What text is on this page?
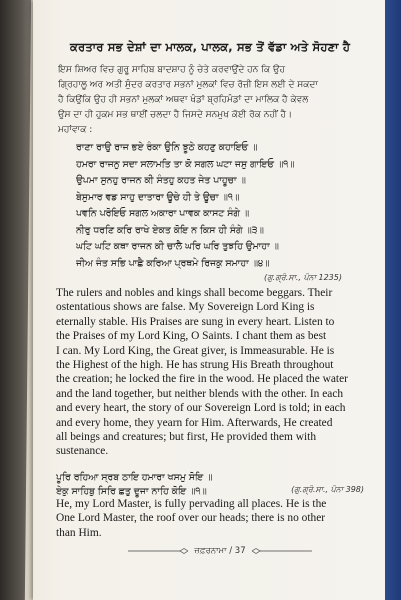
ਕਰਤਾਰ ਸਭ ਦੇਸ਼ਾਂ ਦਾ ਮਾਲਕ, ਪਾਲਕ, ਸਭ ਤੋਂ ਵੱਡਾ ਅਤੇ ਸੋਹਣਾ ਹੈ
ਇਸ ਸ਼ਿਅਰ ਵਿਚ ਗੁਰੂ ਸਾਹਿਬ ਬਾਦਸ਼ਾਹ ਨੂੰ ਚੇਤੇ ਕਰਵਾਉਂਦੇ ਹਨ ਕਿ ਉਹ
ਗ੍ਰਿਹਾਲੂ ਅਰ ਅਤੀ ਸੁੰਦਰ ਕਰਤਾਰ ਸਭਨਾਂ ਮੁਲਕਾਂ ਵਿਚ ਰੋਜ਼ੀ ਇਸ ਲਈ ਦੇ ਸਕਦਾ
ਹੈ ਕਿਉਂਕਿ ਉਹ ਹੀ ਸਭਨਾਂ ਮੁਲਕਾਂ ਅਥਵਾ ਖੰਡਾਂ ਬ੍ਰਹਿਮੰਡਾਂ ਦਾ ਮਾਲਿਕ ਹੈ ਕੇਵਲ
ਉਸ ਦਾ ਹੀ ਹੁਕਮ ਸਭ ਥਾਈਂ ਚਲਦਾ ਹੈ ਜਿਸਦੇ ਸਨਮੁਖ ਕੋਈ ਰੋਕ ਨਹੀਂ ਹੈ।
ਮਹਾਂਵਾਕ :
ਰਾਣਾ ਰਾਉ ਰਾਜ ਭਏ ਰੰਕਾ ਉਨਿ ਝੂਠੇ ਕਹਣੁ ਕਹਾਇਓ ॥
ਹਮਰਾ ਰਾਜਨੁ ਸਦਾ ਸਲਾਮਤਿ ਤਾ ਕੋ ਸਗਲ ਘਟਾ ਜਸੁ ਗਾਇਓ ॥੧॥
ਉਪਮਾ ਸੁਨਹੁ ਰਾਜਨ ਕੀ ਸੰਤਹੁ ਕਹਤ ਜੇਤ ਪਾਹੂਚਾ ॥
ਬੇਸੁਮਾਰ ਵਡ ਸਾਹੁ ਦਾਤਾਰਾ ਊਚੇ ਹੀ ਤੇ ਊਚਾ ॥੧॥
ਪਵਨਿ ਪਰੋਇਓ ਸਗਲ ਅਕਾਰਾ ਪਾਵਕ ਕਾਸਟ ਸੰਗੇ ॥
ਨੀਰੁ ਧਰਣਿ ਕਰਿ ਰਾਖੇ ਏਕਤ ਕੋਇ ਨ ਕਿਸ ਹੀ ਸੰਗੇ ॥੩॥
ਘਟਿ ਘਟਿ ਕਥਾ ਰਾਜਨ ਕੀ ਚਾਲੈ ਘਰਿ ਘਰਿ ਤੁਝਹਿ ਉਮਾਹਾ ॥
ਜੀਅ ਜੰਤ ਸਭਿ ਪਾਛੈ ਕਰਿਆ ਪ੍ਰਥਮੇ ਰਿਜਕੁ ਸਮਾਹਾ ॥੪॥
(ਗੁ.ਗ੍ਰੰ.ਸਾ., ਪੰਨਾ 1235)
The rulers and nobles and kings shall become beggars. Their
ostentatious shows are false. My Sovereign Lord King is
eternally stable. His Praises are sung in every heart. Listen to
the Praises of my Lord King, O Saints. I chant them as best
I can. My Lord King, the Great giver, is Immeasurable. He is
the Highest of the high. He has strung His Breath throughout
the creation; he locked the fire in the wood. He placed the water
and the land together, but neither blends with the other. In each
and every heart, the story of our Sovereign Lord is told; in each
and every home, they yearn for Him. Afterwards, He created
all beings and creatures; but first, He provided them with
sustenance.
ਪੂਰਿ ਰਹਿਆ ਸ੍ਰਬ ਠਾਇ ਹਮਾਰਾ ਖਸਮੁ ਸੋਇ ॥
ਏਕੁ ਸਾਹਿਬੁ ਸਿਰਿ ਛਤੁ ਦੂਜਾ ਨਾਹਿ ਕੋਇ ॥੧॥	(ਗੁ.ਗ੍ਰੰ.ਸਾ., ਪੰਨਾ 398)
He, my Lord Master, is fully pervading all places. He is the
One Lord Master, the roof over our heads; there is no other
than Him.
ਜ਼ਫ਼ਰਨਾਮਾ / 37
